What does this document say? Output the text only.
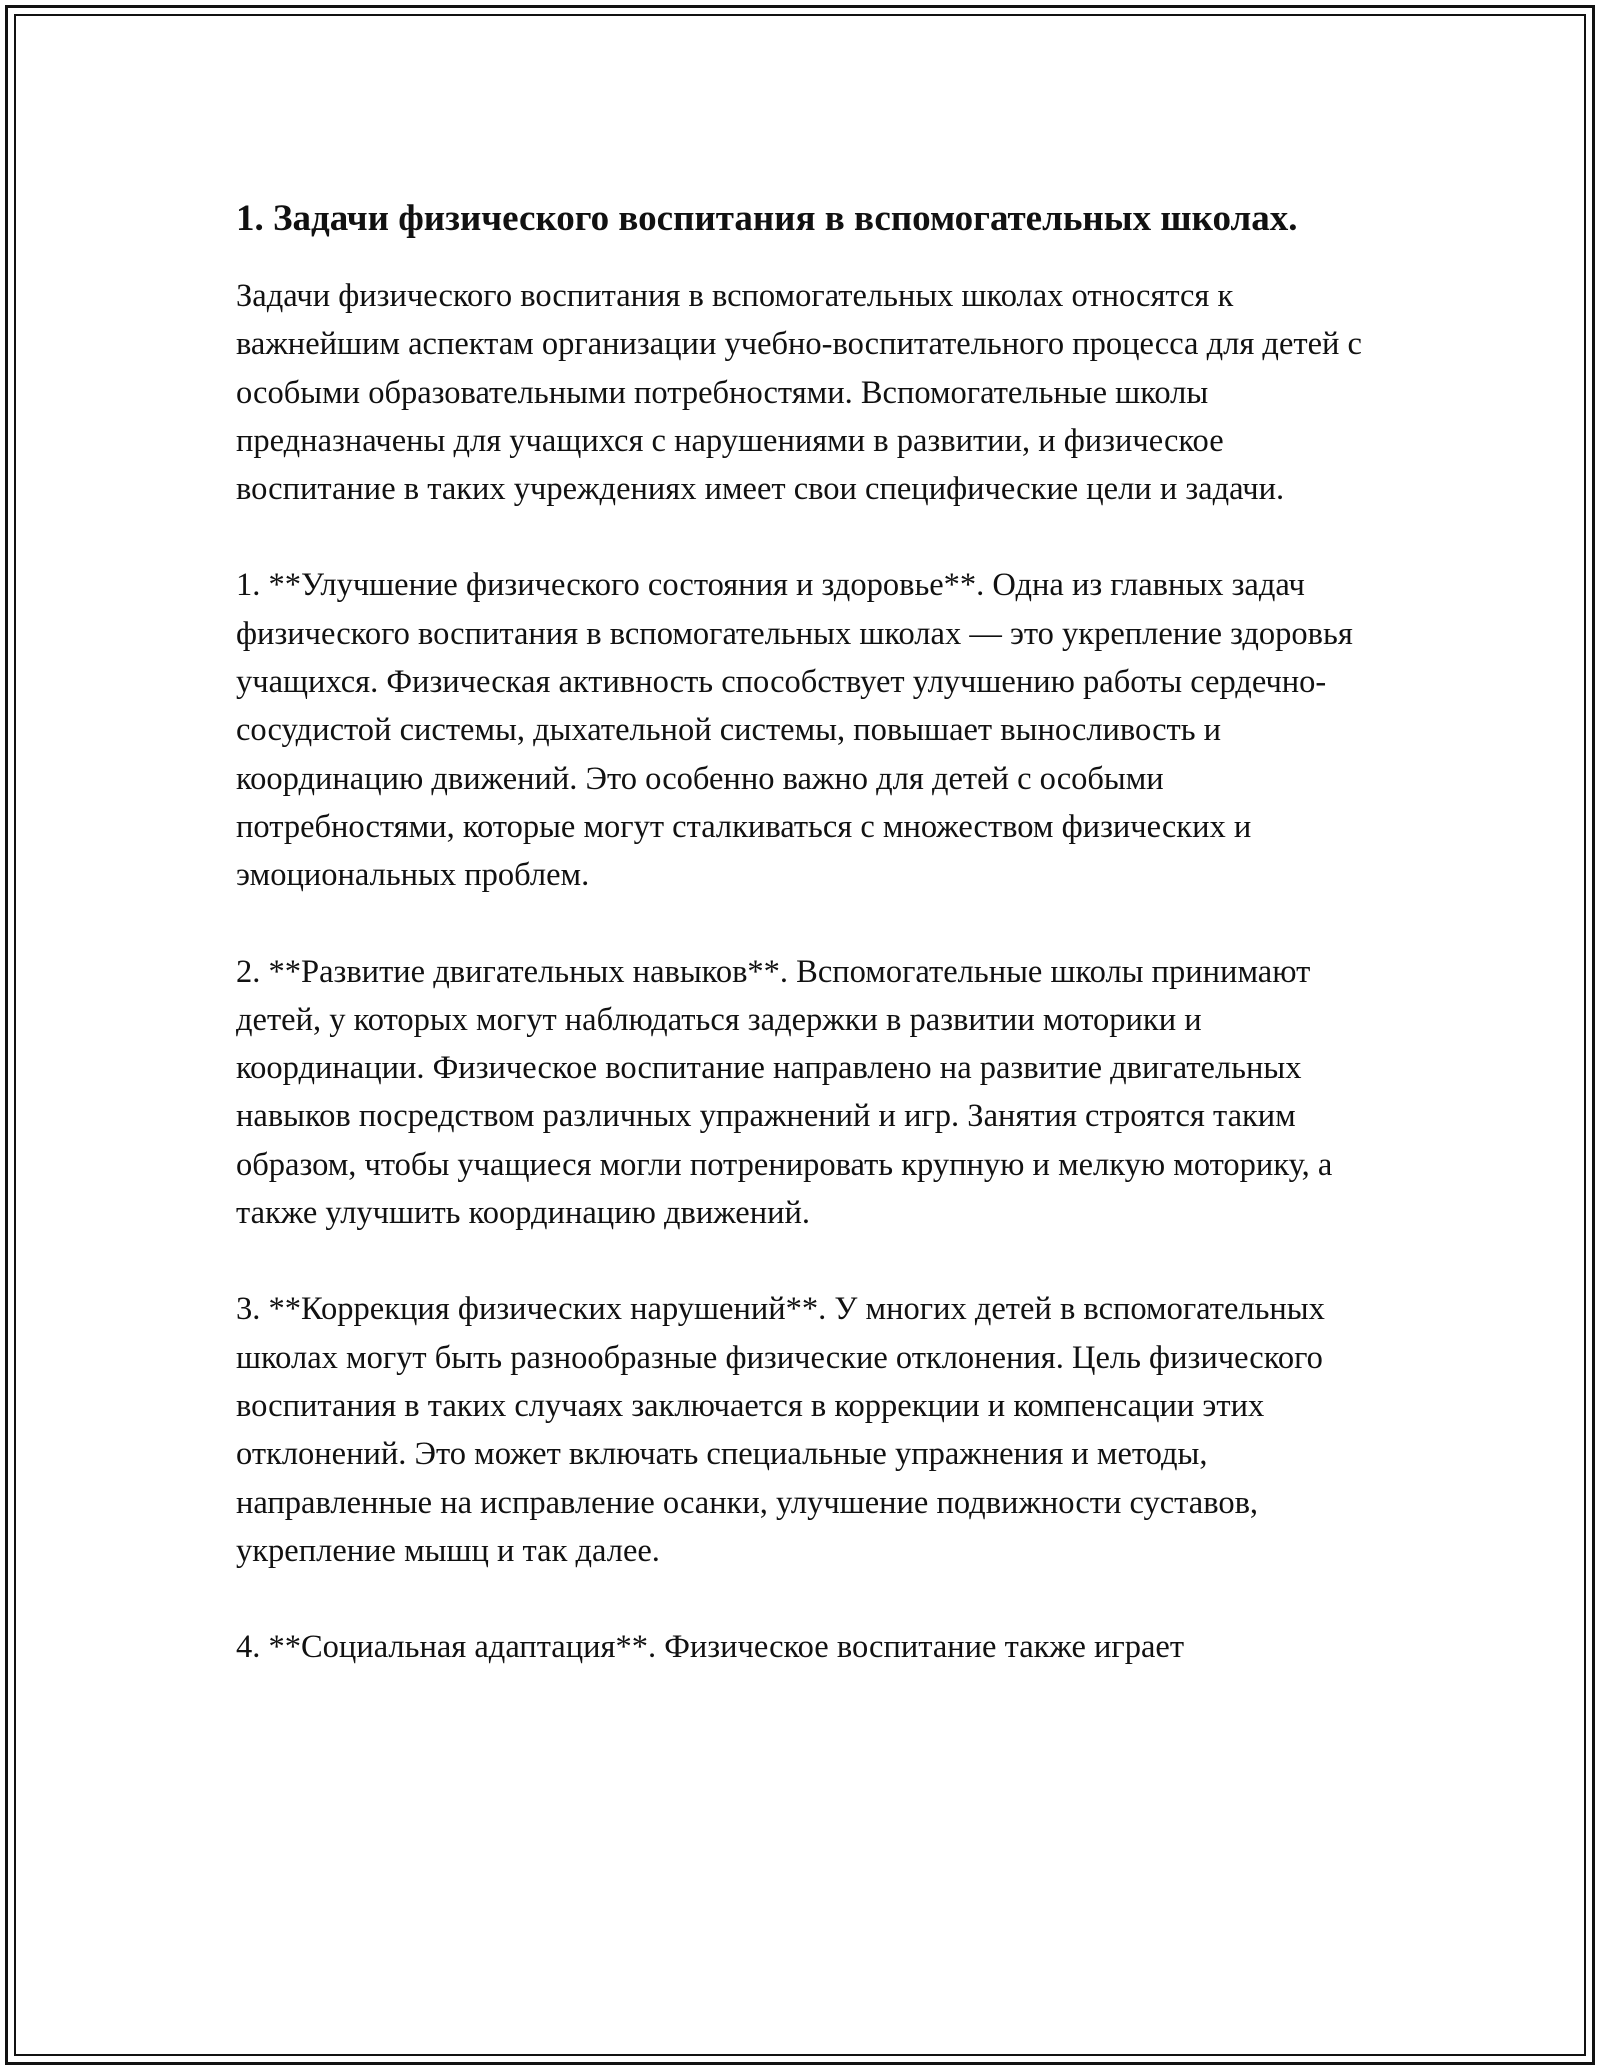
1. Задачи физического воспитания в вспомогательных школах.

Задачи физического воспитания в вспомогательных школах относятся к важнейшим аспектам организации учебно-воспитательного процесса для детей с особыми образовательными потребностями. Вспомогательные школы предназначены для учащихся с нарушениями в развитии, и физическое воспитание в таких учреждениях имеет свои специфические цели и задачи.

1. **Улучшение физического состояния и здоровье**. Одна из главных задач физического воспитания в вспомогательных школах — это укрепление здоровья учащихся. Физическая активность способствует улучшению работы сердечно-сосудистой системы, дыхательной системы, повышает выносливость и координацию движений. Это особенно важно для детей с особыми потребностями, которые могут сталкиваться с множеством физических и эмоциональных проблем.

2. **Развитие двигательных навыков**. Вспомогательные школы принимают детей, у которых могут наблюдаться задержки в развитии моторики и координации. Физическое воспитание направлено на развитие двигательных навыков посредством различных упражнений и игр. Занятия строятся таким образом, чтобы учащиеся могли потренировать крупную и мелкую моторику, а также улучшить координацию движений.

3. **Коррекция физических нарушений**. У многих детей в вспомогательных школах могут быть разнообразные физические отклонения. Цель физического воспитания в таких случаях заключается в коррекции и компенсации этих отклонений. Это может включать специальные упражнения и методы, направленные на исправление осанки, улучшение подвижности суставов, укрепление мышц и так далее.

4. **Социальная адаптация**. Физическое воспитание также играет
